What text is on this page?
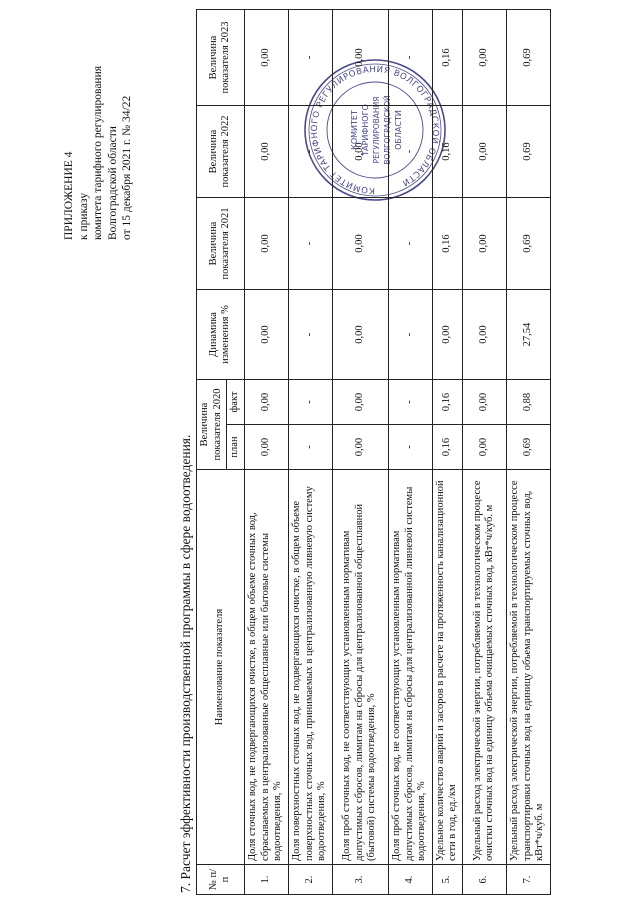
КОМИТЕТ ТАРИФНОГО РЕГУЛИРОВАНИЯ ВОЛГОГРАДСКОЙ ОБЛАСТИ
КОМИТЕТ ТАРИФНОГО РЕГУЛИРОВАНИЯ ВОЛГОГРАДСКОЙ ОБЛАСТИ
ПРИЛОЖЕНИЕ 4 к приказу комитета тарифного регулирования Волгоградской области от 15 декабря 2021 г. № 34/22
7. Расчет эффективности производственной программы в сфере водоотведения. № п/п	Наименование показателя	Величина показателя 2020		Динамика изменения %	Величина показателя 2021	Величина показателя 2022	Величина показателя 2023
		план	факт				
1.	Доля сточных вод, не подвергающихся очистке, в общем объеме сточных вод, сбрасываемых в централизованные общесплавные или бытовые системы водоотведения, %	0,00	0,00	0,00	0,00	0,00	0,00
2.	Доля поверхностных сточных вод, не подвергающихся очистке, в общем объеме поверхностных сточных вод, принимаемых в централизованную ливневую систему водоотведения, %	-	-	-	-	-	-
3.	Доля проб сточных вод, не соответствующих установленным нормативам допустимых сбросов, лимитам на сбросы для централизованной общесплавной (бытовой) системы водоотведения, %	0,00	0,00	0,00	0,00	0,00	0,00
4.	Доля проб сточных вод, не соответствующих установленным нормативам допустимых сбросов, лимитам на сбросы для централизованной ливневой системы водоотведения, %	-	-	-	-	-	-
5.	Удельное количество аварий и засоров в расчете на протяженность канализационной сети в год, ед./км	0,16	0,16	0,00	0,16	0,16	0,16
6.	Удельный расход электрической энергии, потребляемой в технологическом процессе очистки сточных вод на единицу объема очищаемых сточных вод, кВт*ч/куб. м	0,00	0,00	0,00	0,00	0,00	0,00
7.	Удельный расход электрической энергии, потребляемой в технологическом процессе транспортировки сточных вод на единицу объема транспортируемых сточных вод, кВт*ч/куб. м	0,69	0,88	27,54	0,69	0,69	0,69
